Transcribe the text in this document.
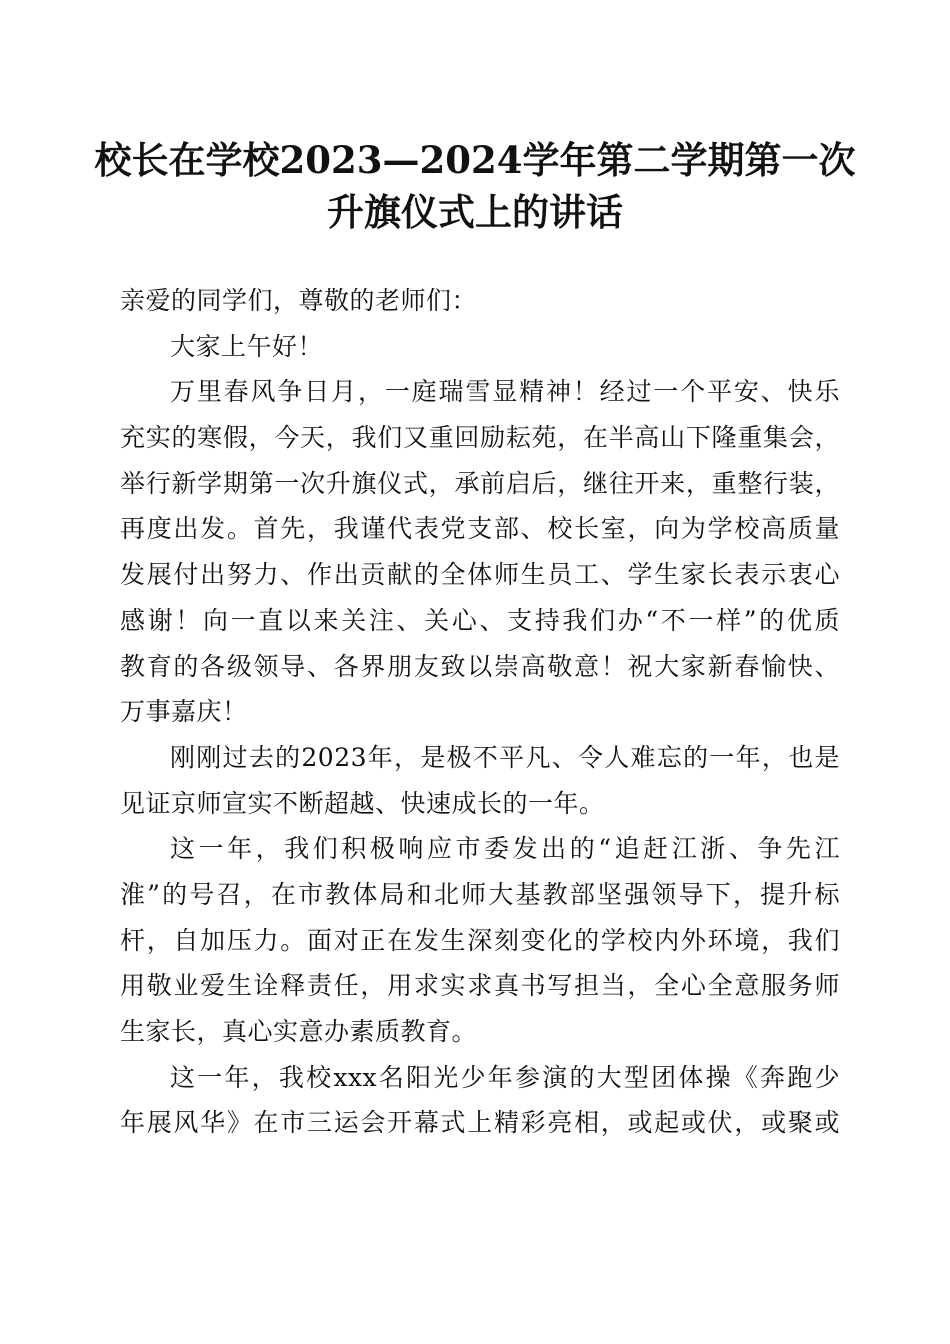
校长在学校2023—2024学年第二学期第一次
升旗仪式上的讲话
亲爱的同学们，尊敬的老师们：
大家上午好！
万里春风争日月，一庭瑞雪显精神！经过一个平安、快乐
充实的寒假，今天，我们又重回励耘苑，在半高山下隆重集会，
举行新学期第一次升旗仪式，承前启后，继往开来，重整行装，
再度出发。首先，我谨代表党支部、校长室，向为学校高质量
发展付出努力、作出贡献的全体师生员工、学生家长表示衷心
感谢！向一直以来关注、关心、支持我们办“不一样”的优质
教育的各级领导、各界朋友致以崇高敬意！祝大家新春愉快、
万事嘉庆！
刚刚过去的2023年，是极不平凡、令人难忘的一年，也是
见证京师宣实不断超越、快速成长的一年。
这一年，我们积极响应市委发出的“追赶江浙、争先江
淮”的号召，在市教体局和北师大基教部坚强领导下，提升标
杆，自加压力。面对正在发生深刻变化的学校内外环境，我们
用敬业爱生诠释责任，用求实求真书写担当，全心全意服务师
生家长，真心实意办素质教育。
这一年，我校xxx名阳光少年参演的大型团体操《奔跑少
年展风华》在市三运会开幕式上精彩亮相，或起或伏，或聚或
